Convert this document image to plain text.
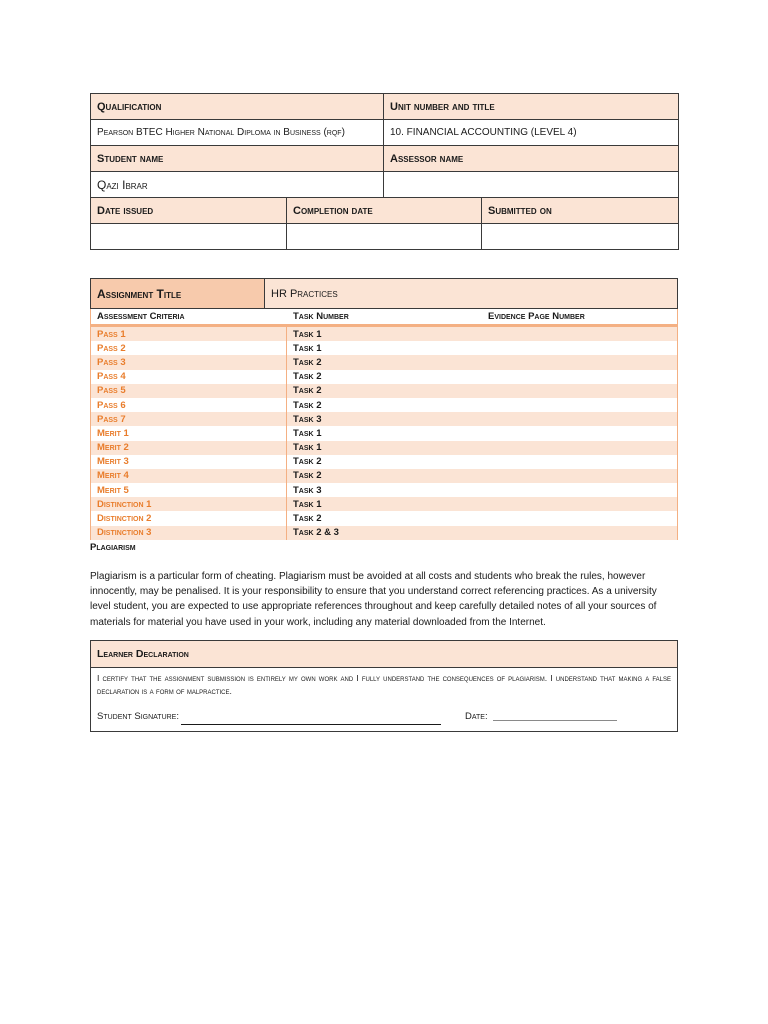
Qualification		Unit number and title	
Pearson BTEC Higher National Diploma in Business (rqf)		10. FINANCIAL ACCOUNTING (LEVEL 4)	
Student name		Assessor name	
Qazi Ibrar			
Date issued	Completion date		Submitted on

Assignment Title	HR Practices
Assessment Criteria	Task Number	Evidence Page Number
Pass 1	Task 1
Pass 2	Task 1
Pass 3	Task 2
Pass 4	Task 2
Pass 5	Task 2
Pass 6	Task 2
Pass 7	Task 3
Merit 1	Task 1
Merit 2	Task 1
Merit 3	Task 2
Merit 4	Task 2
Merit 5	Task 3
Distinction 1	Task 1
Distinction 2	Task 2
Distinction 3	Task 2 & 3
Plagiarism
Plagiarism is a particular form of cheating. Plagiarism must be avoided at all costs and students who break the rules, however innocently, may be penalised. It is your responsibility to ensure that you understand correct referencing practices. As a university level student, you are expected to use appropriate references throughout and keep carefully detailed notes of all your sources of materials for material you have used in your work, including any material downloaded from the Internet.
Learner Declaration
I certify that the assignment submission is entirely my own work and I fully understand the consequences of plagiarism. I understand that making a false declaration is a form of malpractice.
Student Signature:	Date:
